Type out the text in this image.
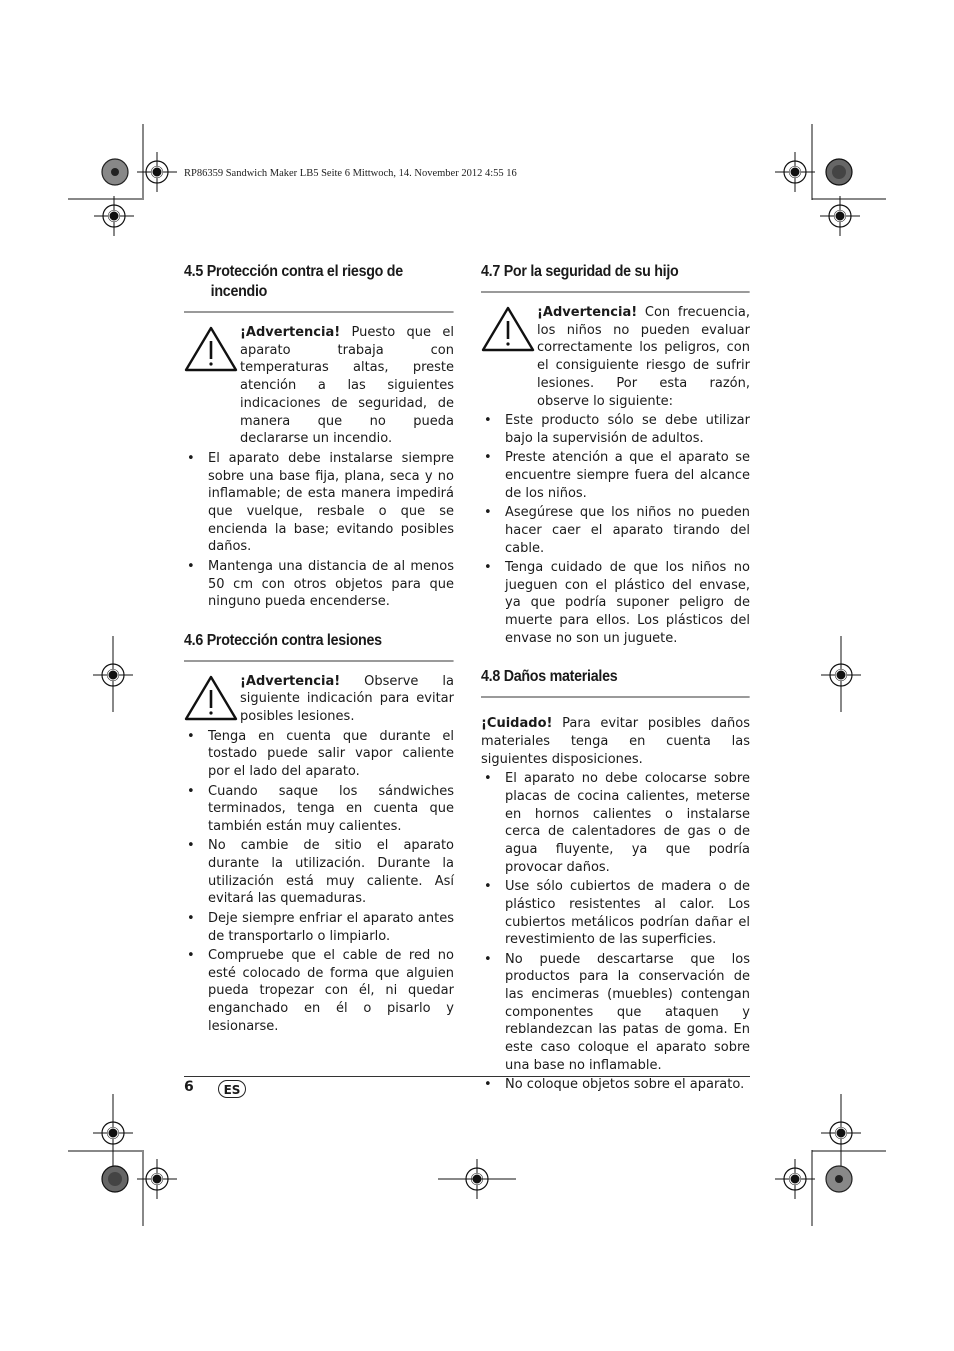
RP86359 Sandwich Maker LB5 Seite 6 Mittwoch, 14. November 2012 4:55 16
4.5 Protección contra el riesgo de
incendio

¡Advertencia! Puesto que el aparato trabaja con temperaturas altas, preste atención a las siguientes indicaciones de seguridad, de manera que no pueda declararse un incendio.

• El aparato debe instalarse siempre sobre una base fija, plana, seca y no inflamable; de esta manera impedirá que vuelque, resbale o que se encienda la base; evitando posibles daños.
• Mantenga una distancia de al menos 50 cm con otros objetos para que ninguno pueda encenderse.
4.6 Protección contra lesiones

¡Advertencia! Observe la siguiente indicación para evitar posibles lesiones.

• Tenga en cuenta que durante el tostado puede salir vapor caliente por el lado del aparato.
• Cuando saque los sándwiches terminados, tenga en cuenta que también están muy calientes.
• No cambie de sitio el aparato durante la utilización. Durante la utilización está muy caliente. Así evitará las quemaduras.
• Deje siempre enfriar el aparato antes de transportarlo o limpiarlo.
• Compruebe que el cable de red no esté colocado de forma que alguien pueda tropezar con él, ni quedar enganchado en él o pisarlo y lesionarse.
4.7 Por la seguridad de su hijo

¡Advertencia! Con frecuencia, los niños no pueden evaluar correctamente los peligros, con el consiguiente riesgo de sufrir lesiones. Por esta razón, observe lo siguiente:

• Este producto sólo se debe utilizar bajo la supervisión de adultos.
• Preste atención a que el aparato se encuentre siempre fuera del alcance de los niños.
• Asegúrese que los niños no pueden hacer caer el aparato tirando del cable.
• Tenga cuidado de que los niños no jueguen con el plástico del envase, ya que podría suponer peligro de muerte para ellos. Los plásticos del envase no son un juguete.
4.8 Daños materiales

¡Cuidado! Para evitar posibles daños materiales tenga en cuenta las siguientes disposiciones.

• El aparato no debe colocarse sobre placas de cocina calientes, meterse en hornos calientes o instalarse cerca de calentadores de gas o de agua fluyente, ya que podría provocar daños.
• Use sólo cubiertos de madera o de plástico resistentes al calor. Los cubiertos metálicos podrían dañar el revestimiento de las superficies.
• No puede descartarse que los productos para la conservación de las encimeras (muebles) contengan componentes que ataquen y reblandezcan las patas de goma. En este caso coloque el aparato sobre una base no inflamable.
• No coloque objetos sobre el aparato.
6	ES
